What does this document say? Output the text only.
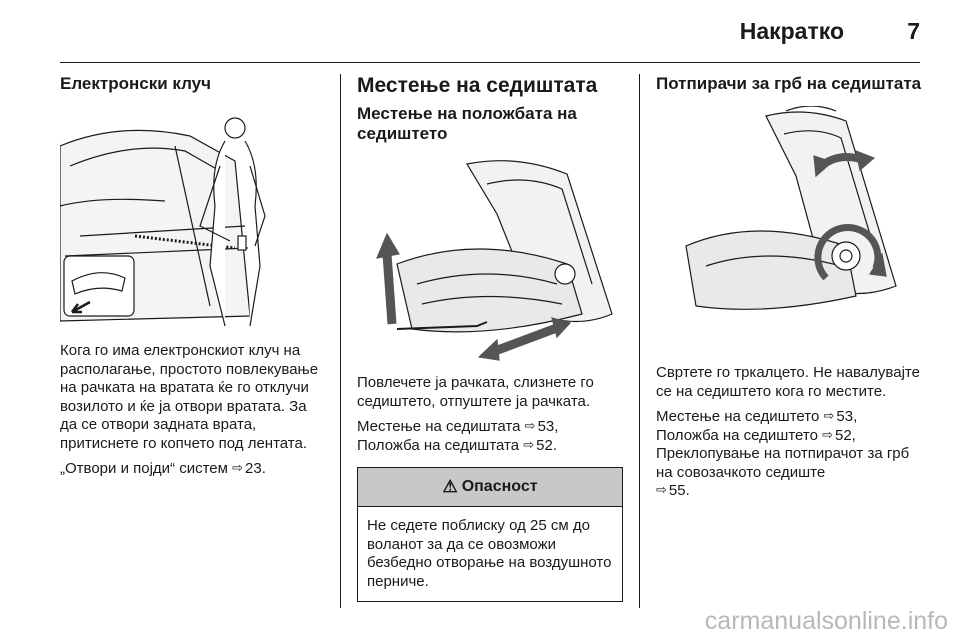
Накратко	7
Електронски клуч

Кога го има електронскиот клуч на располагање, простото повлекување на рачката на вратата ќе го отклучи возилото и ќе ја отвори вратата. За да се отвори задната врата, притиснете го копчето под лентата.

„Отвори и појди“ систем ⇨ 23.

Местење на седиштата
Местење на положбата на седиштето

Повлечете ја рачката, слизнете го седиштето, отпуштете ја рачката.

Местење на седиштата ⇨ 53,
Положба на седиштата ⇨ 52.

⚠ Опасност

Не седете поблиску од 25 см до воланот за да се овозможи безбедно отворање на воздушното перниче.

Потпирачи за грб на седиштата

Свртете го тркалцето. Не навалувајте се на седиштето кога го местите.

Местење на седиштето ⇨ 53,
Положба на седиштето ⇨ 52,
Преклопување на потпирачот за грб на совозачкото седиште
⇨ 55.

carmanualsonline.info
